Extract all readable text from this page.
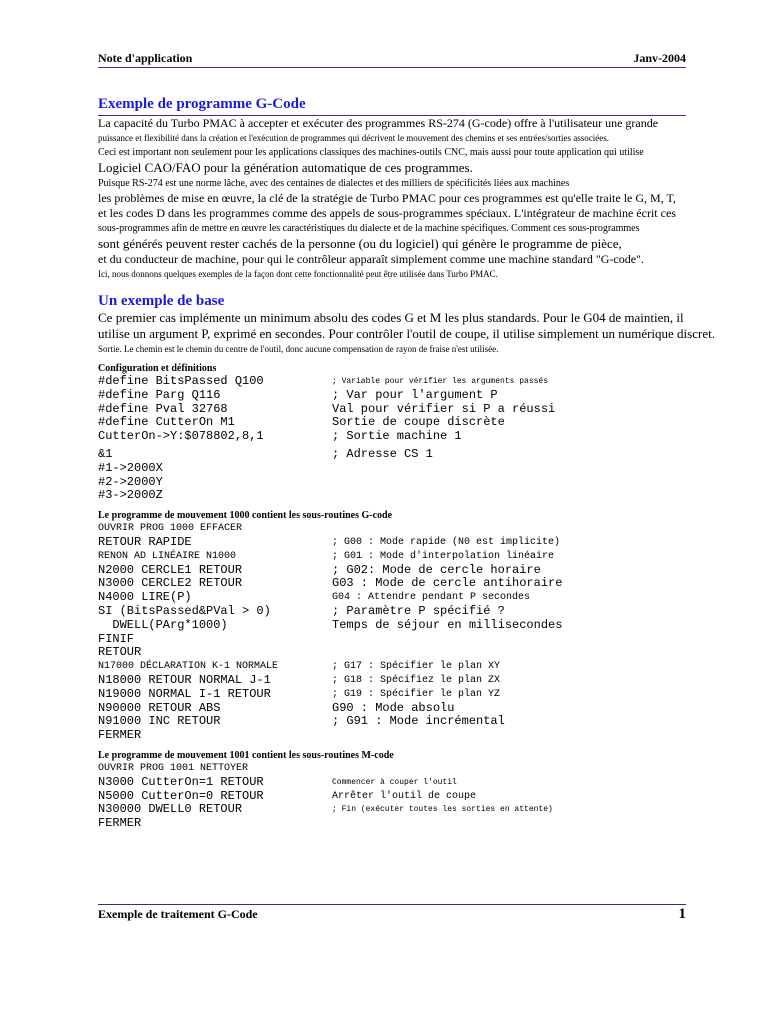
Note d'application	Janv-2004
Exemple de programme G-Code
La capacité du Turbo PMAC à accepter et exécuter des programmes RS-274 (G-code) offre à l'utilisateur une grande
puissance et flexibilité dans la création et l'exécution de programmes qui décrivent le mouvement des chemins et ses entrées/sorties associées.
Ceci est important non seulement pour les applications classiques des machines-outils CNC, mais aussi pour toute application qui utilise
Logiciel CAO/FAO pour la génération automatique de ces programmes.
Puisque RS-274 est une norme lâche, avec des centaines de dialectes et des milliers de spécificités liées aux machines
les problèmes de mise en œuvre, la clé de la stratégie de Turbo PMAC pour ces programmes est qu'elle traite le G, M, T,
et les codes D dans les programmes comme des appels de sous-programmes spéciaux. L'intégrateur de machine écrit ces
sous-programmes afin de mettre en œuvre les caractéristiques du dialecte et de la machine spécifiques. Comment ces sous-programmes
sont générés peuvent rester cachés de la personne (ou du logiciel) qui génère le programme de pièce,
et du conducteur de machine, pour qui le contrôleur apparaît simplement comme une machine standard "G-code".
Ici, nous donnons quelques exemples de la façon dont cette fonctionnalité peut être utilisée dans Turbo PMAC.
Un exemple de base
Ce premier cas implémente un minimum absolu des codes G et M les plus standards. Pour le G04 de maintien, il
utilise un argument P, exprimé en secondes. Pour contrôler l'outil de coupe, il utilise simplement un numérique discret.
Sortie. Le chemin est le chemin du centre de l'outil, donc aucune compensation de rayon de fraise n'est utilisée.
Configuration et définitions
#define BitsPassed Q100	; Variable pour vérifier les arguments passés
#define Parg Q116	; Var pour l'argument P
#define Pval 32768	Val pour vérifier si P a réussi
#define CutterOn M1	Sortie de coupe discrète
CutterOn->Y:$078802,8,1	; Sortie machine 1
&1	; Adresse CS 1
#1->2000X
#2->2000Y
#3->2000Z
Le programme de mouvement 1000 contient les sous-routines G-code
OUVRIR PROG 1000 EFFACER
RETOUR RAPIDE	; G00 : Mode rapide (N0 est implicite)
RENON AD LINÉAIRE N1000	; G01 : Mode d'interpolation linéaire
N2000 CERCLE1 RETOUR	; G02: Mode de cercle horaire
N3000 CERCLE2 RETOUR	G03 : Mode de cercle antihoraire
N4000 LIRE(P)	G04 : Attendre pendant P secondes
SI (BitsPassed&PVal > 0)	; Paramètre P spécifié ?
DWELL(PArg*1000)	Temps de séjour en millisecondes
FINIF
RETOUR
N17000 DÉCLARATION K-1 NORMALE	; G17 : Spécifier le plan XY
N18000 RETOUR NORMAL J-1	; G18 : Spécifiez le plan ZX
N19000 NORMAL I-1 RETOUR	; G19 : Spécifier le plan YZ
N90000 RETOUR ABS	G90 : Mode absolu
N91000 INC RETOUR	; G91 : Mode incrémental
FERMER
Le programme de mouvement 1001 contient les sous-routines M-code
OUVRIR PROG 1001 NETTOYER
N3000 CutterOn=1 RETOUR	Commencer à couper l'outil
N5000 CutterOn=0 RETOUR	Arrêter l'outil de coupe
N30000 DWELL0 RETOUR	; Fin (exécuter toutes les sorties en attente)
FERMER
Exemple de traitement G-Code	1
